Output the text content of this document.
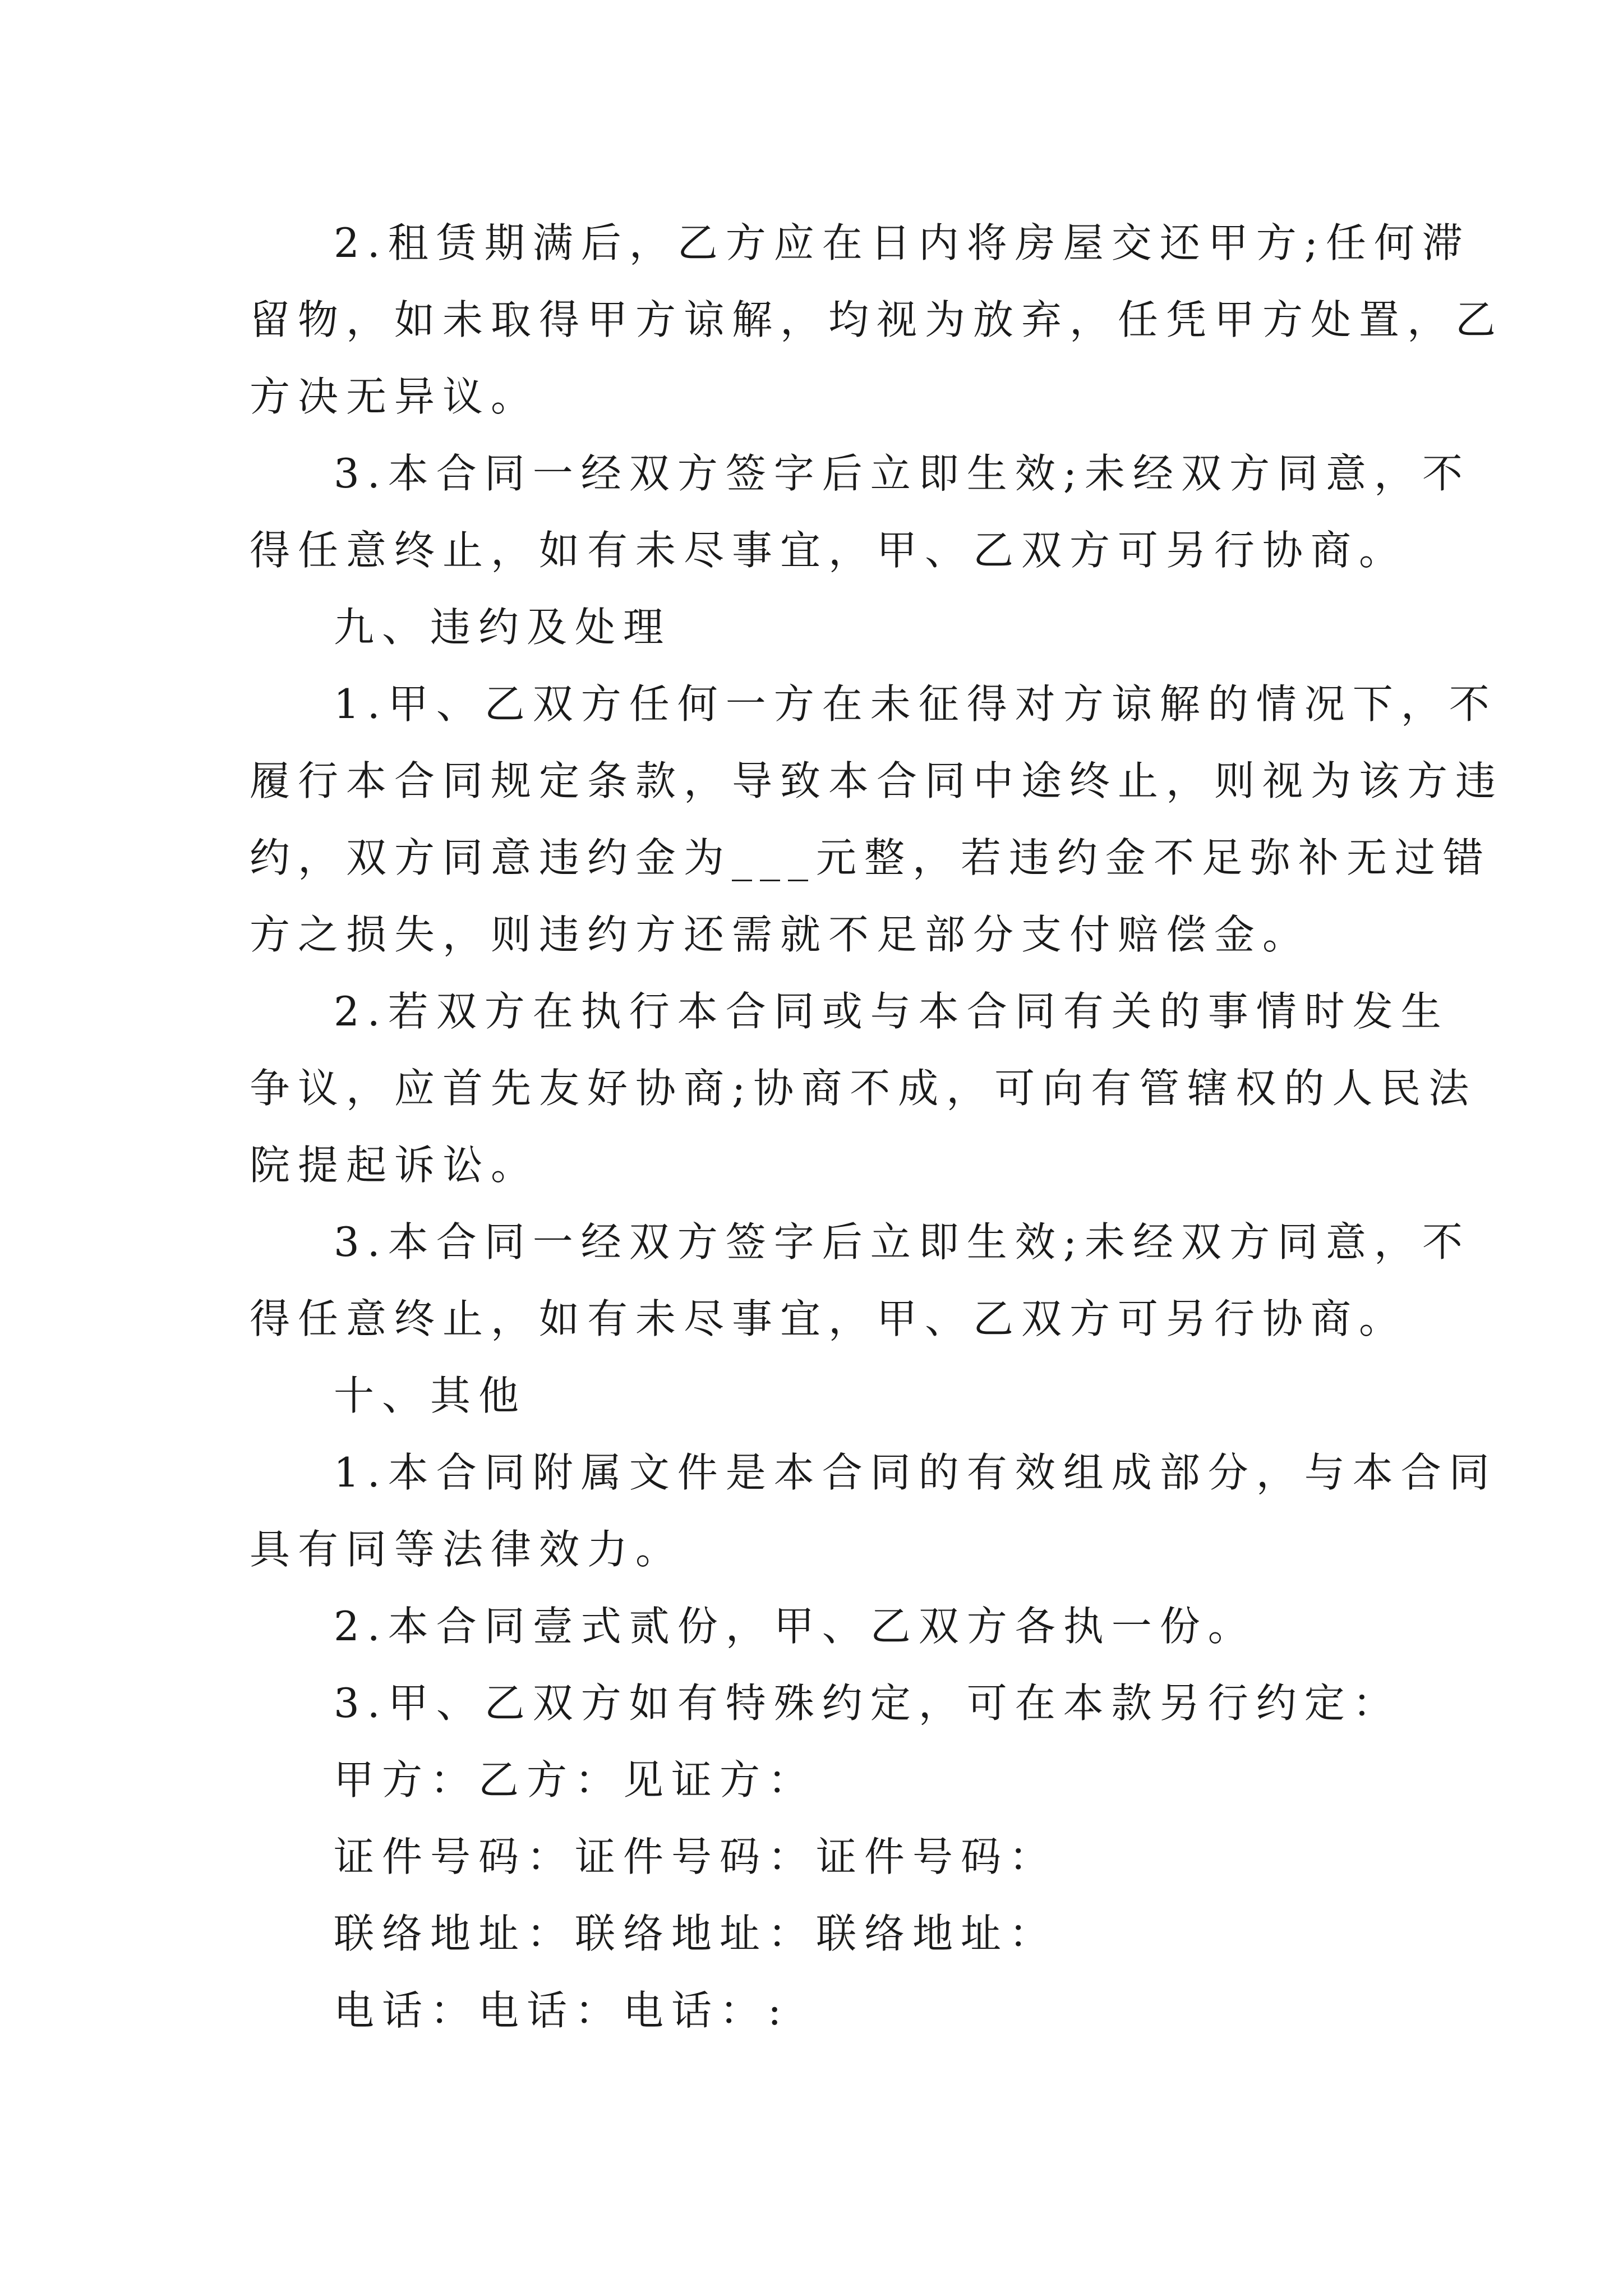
2.租赁期满后，乙方应在日内将房屋交还甲方;任何滞

留物，如未取得甲方谅解，均视为放弃，任凭甲方处置，乙

方决无异议。

3.本合同一经双方签字后立即生效;未经双方同意，不

得任意终止，如有未尽事宜，甲、乙双方可另行协商。

九、违约及处理

1.甲、乙双方任何一方在未征得对方谅解的情况下，不

履行本合同规定条款，导致本合同中途终止，则视为该方违

约，双方同意违约金为___元整，若违约金不足弥补无过错

方之损失，则违约方还需就不足部分支付赔偿金。

2.若双方在执行本合同或与本合同有关的事情时发生

争议，应首先友好协商;协商不成，可向有管辖权的人民法

院提起诉讼。

3.本合同一经双方签字后立即生效;未经双方同意，不

得任意终止，如有未尽事宜，甲、乙双方可另行协商。

十、其他

1.本合同附属文件是本合同的有效组成部分，与本合同

具有同等法律效力。

2.本合同壹式贰份，甲、乙双方各执一份。

3.甲、乙双方如有特殊约定，可在本款另行约定：

甲方：乙方：见证方：

证件号码：证件号码：证件号码：

联络地址：联络地址：联络地址：

电话：电话：电话：:
